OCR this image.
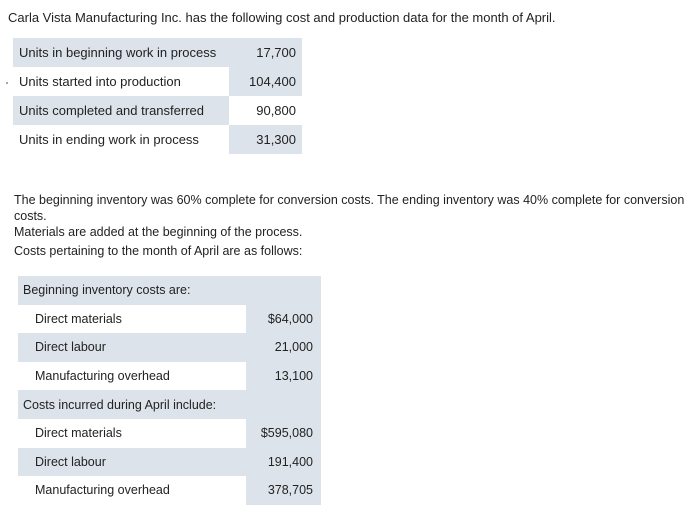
Carla Vista Manufacturing Inc. has the following cost and production data for the month of April.
Units in beginning work in process	17,700
Units started into production	104,400
Units completed and transferred	90,800
Units in ending work in process	31,300

The beginning inventory was 60% complete for conversion costs. The ending inventory was 40% complete for conversion costs.

Materials are added at the beginning of the process.

Costs pertaining to the month of April are as follows:
Beginning inventory costs are:	
Direct materials	$64,000
Direct labour	21,000
Manufacturing overhead	13,100
Costs incurred during April include:	
Direct materials	$595,080
Direct labour	191,400
Manufacturing overhead	378,705
